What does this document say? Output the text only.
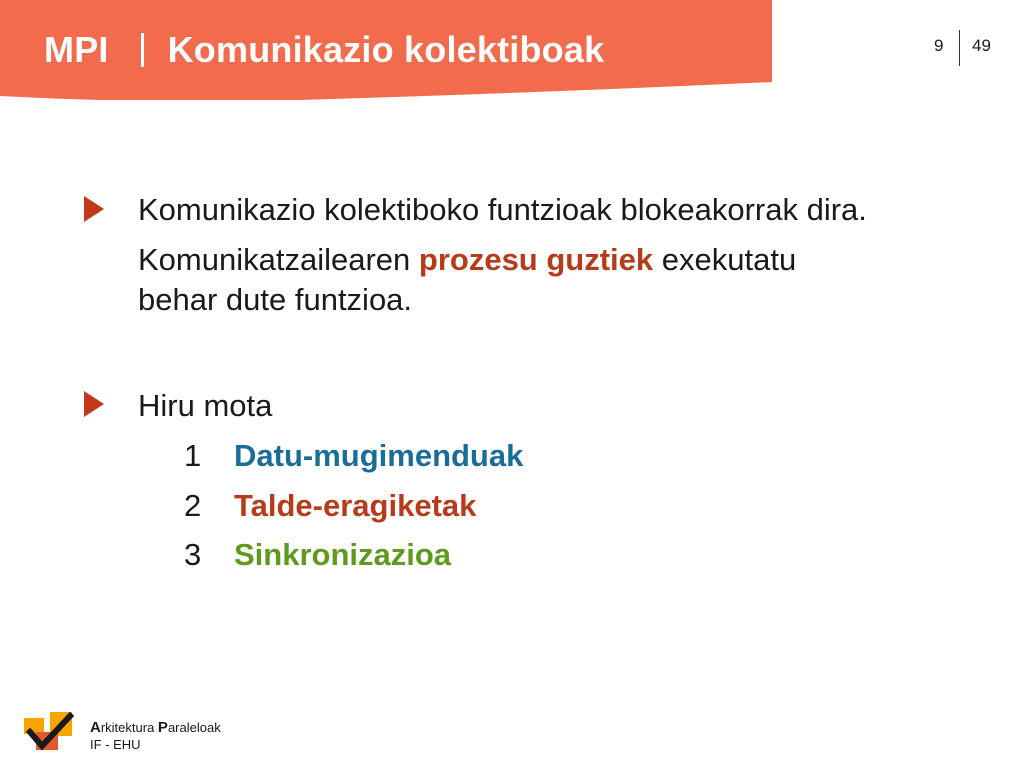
MPI Komunikazio kolektiboak	9 49
Komunikazio kolektiboko funtzioak blokeakorrak dira.
Komunikatzailearen prozesu guztiek exekutatu
behar dute funtzioa.
Hiru mota
1 Datu-mugimenduak
2 Talde-eragiketak
3 Sinkronizazioa
Arkitektura Paraleloak
IF - EHU
